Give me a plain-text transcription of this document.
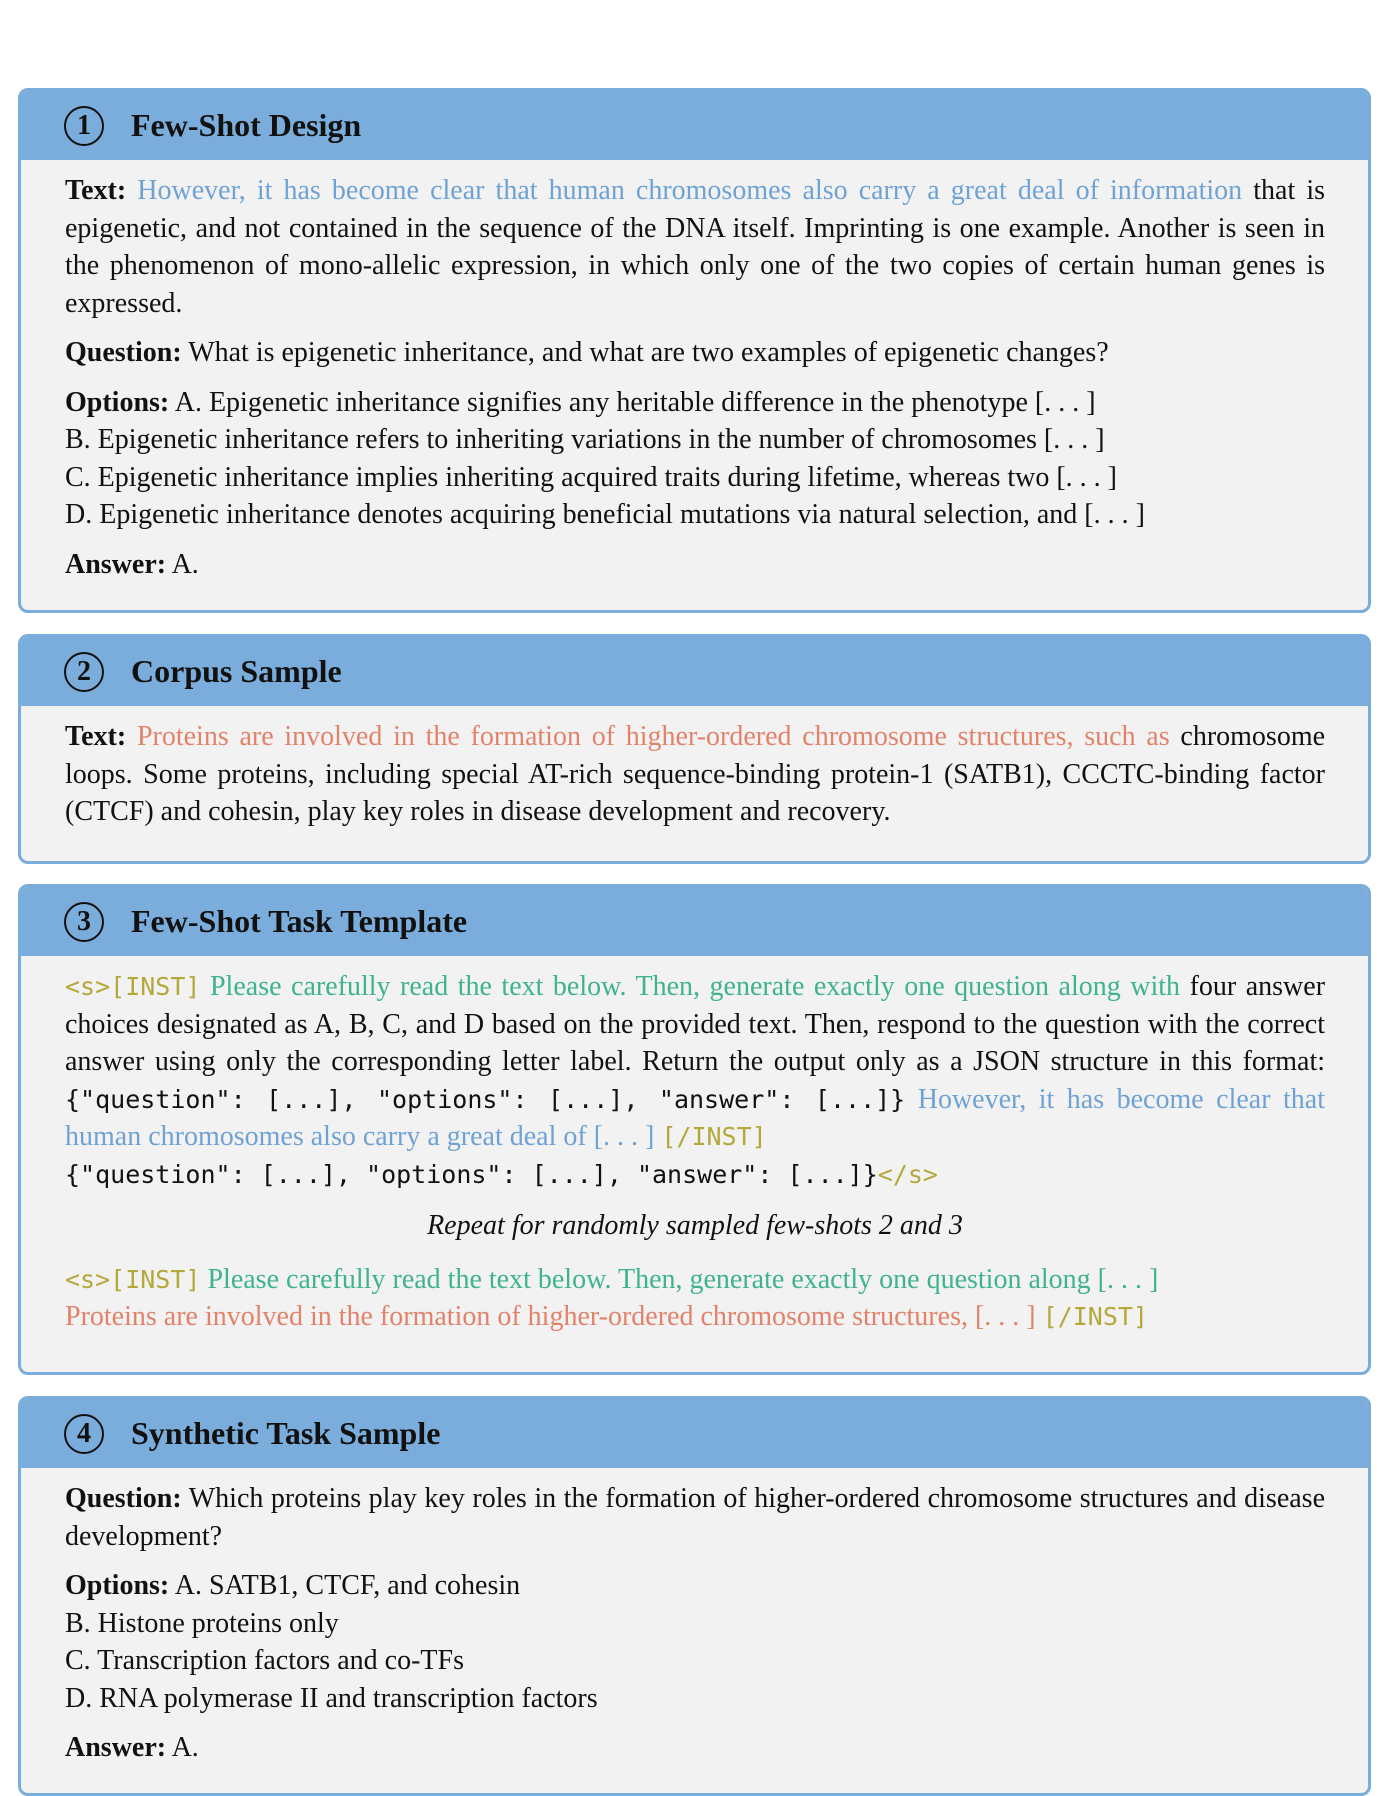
1	Few-Shot Design
Text: However, it has become clear that human chromosomes also carry a great deal of information that is epigenetic, and not contained in the sequence of the DNA itself. Imprinting is one example. Another is seen in the phenomenon of mono-allelic expression, in which only one of the two copies of certain human genes is expressed.
Question: What is epigenetic inheritance, and what are two examples of epigenetic changes?
Options: A. Epigenetic inheritance signifies any heritable difference in the phenotype [. . . ]
B. Epigenetic inheritance refers to inheriting variations in the number of chromosomes [. . . ]
C. Epigenetic inheritance implies inheriting acquired traits during lifetime, whereas two [. . . ]
D. Epigenetic inheritance denotes acquiring beneficial mutations via natural selection, and [. . . ]
Answer: A.
2	Corpus Sample
Text: Proteins are involved in the formation of higher-ordered chromosome structures, such as chromosome loops. Some proteins, including special AT-rich sequence-binding protein-1 (SATB1), CCCTC-binding factor (CTCF) and cohesin, play key roles in disease development and recovery.
3	Few-Shot Task Template
<s>[INST] Please carefully read the text below. Then, generate exactly one question along with four answer choices designated as A, B, C, and D based on the provided text. Then, respond to the question with the correct answer using only the corresponding letter label. Return the output only as a JSON structure in this format: {"question": [...], "options": [...], "answer": [...]} However, it has become clear that human chromosomes also carry a great deal of [. . . ] [/INST]
{"question": [...], "options": [...], "answer": [...]}</s>
Repeat for randomly sampled few-shots 2 and 3
<s>[INST] Please carefully read the text below. Then, generate exactly one question along [. . . ]
Proteins are involved in the formation of higher-ordered chromosome structures, [. . . ] [/INST]
4	Synthetic Task Sample
Question: Which proteins play key roles in the formation of higher-ordered chromosome structures and disease development?
Options: A. SATB1, CTCF, and cohesin
B. Histone proteins only
C. Transcription factors and co-TFs
D. RNA polymerase II and transcription factors
Answer: A.
